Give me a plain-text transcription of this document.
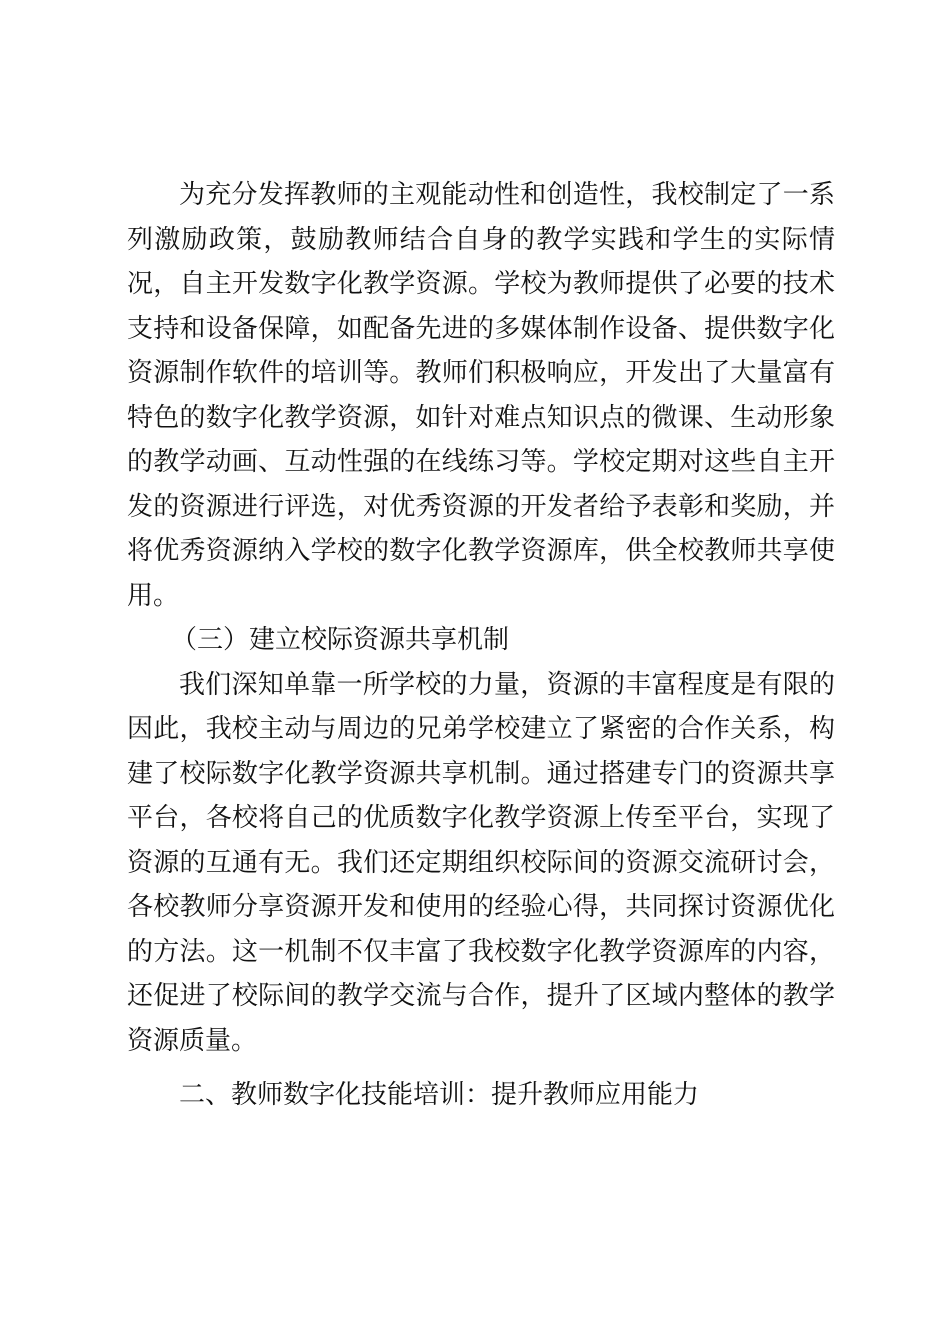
为充分发挥教师的主观能动性和创造性，我校制定了一系列激励政策，鼓励教师结合自身的教学实践和学生的实际情况，自主开发数字化教学资源。学校为教师提供了必要的技术支持和设备保障，如配备先进的多媒体制作设备、提供数字化资源制作软件的培训等。教师们积极响应，开发出了大量富有特色的数字化教学资源，如针对难点知识点的微课、生动形象的教学动画、互动性强的在线练习等。学校定期对这些自主开发的资源进行评选，对优秀资源的开发者给予表彰和奖励，并将优秀资源纳入学校的数字化教学资源库，供全校教师共享使用。

（三）建立校际资源共享机制

我们深知单靠一所学校的力量，资源的丰富程度是有限的因此，我校主动与周边的兄弟学校建立了紧密的合作关系，构建了校际数字化教学资源共享机制。通过搭建专门的资源共享平台，各校将自己的优质数字化教学资源上传至平台，实现了资源的互通有无。我们还定期组织校际间的资源交流研讨会，各校教师分享资源开发和使用的经验心得，共同探讨资源优化的方法。这一机制不仅丰富了我校数字化教学资源库的内容，还促进了校际间的教学交流与合作，提升了区域内整体的教学资源质量。

二、教师数字化技能培训：提升教师应用能力
